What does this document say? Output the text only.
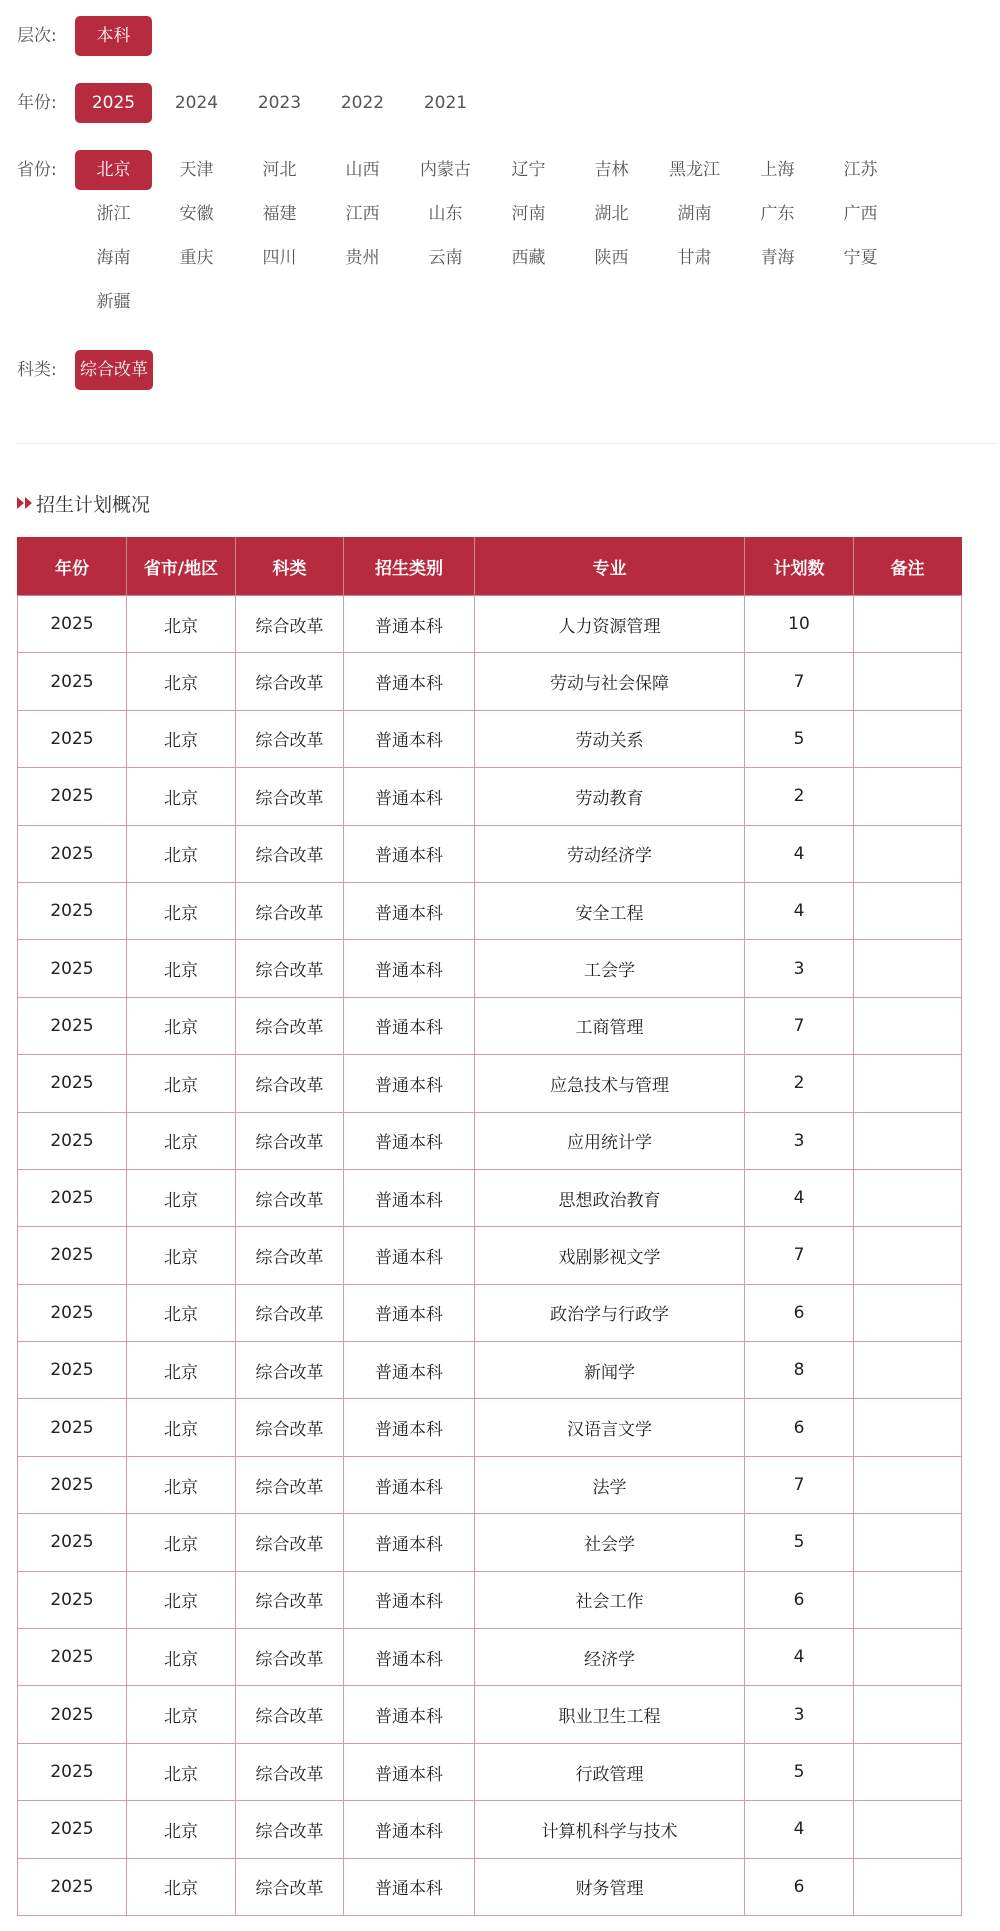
层次:	本科
年份:	2025	2024	2023	2022	2021
省份:	北京	天津	河北	山西	内蒙古	辽宁	吉林	黑龙江	上海	江苏
浙江	安徽	福建	江西	山东	河南	湖北	湖南	广东	广西
海南	重庆	四川	贵州	云南	西藏	陕西	甘肃	青海	宁夏
新疆
科类:	综合改革
招生计划概况
年份	省市/地区	科类	招生类别	专业	计划数	备注
2025	北京	综合改革	普通本科	人力资源管理	10	
2025	北京	综合改革	普通本科	劳动与社会保障	7	
2025	北京	综合改革	普通本科	劳动关系	5	
2025	北京	综合改革	普通本科	劳动教育	2	
2025	北京	综合改革	普通本科	劳动经济学	4	
2025	北京	综合改革	普通本科	安全工程	4	
2025	北京	综合改革	普通本科	工会学	3	
2025	北京	综合改革	普通本科	工商管理	7	
2025	北京	综合改革	普通本科	应急技术与管理	2	
2025	北京	综合改革	普通本科	应用统计学	3	
2025	北京	综合改革	普通本科	思想政治教育	4	
2025	北京	综合改革	普通本科	戏剧影视文学	7	
2025	北京	综合改革	普通本科	政治学与行政学	6	
2025	北京	综合改革	普通本科	新闻学	8	
2025	北京	综合改革	普通本科	汉语言文学	6	
2025	北京	综合改革	普通本科	法学	7	
2025	北京	综合改革	普通本科	社会学	5	
2025	北京	综合改革	普通本科	社会工作	6	
2025	北京	综合改革	普通本科	经济学	4	
2025	北京	综合改革	普通本科	职业卫生工程	3	
2025	北京	综合改革	普通本科	行政管理	5	
2025	北京	综合改革	普通本科	计算机科学与技术	4	
2025	北京	综合改革	普通本科	财务管理	6	
